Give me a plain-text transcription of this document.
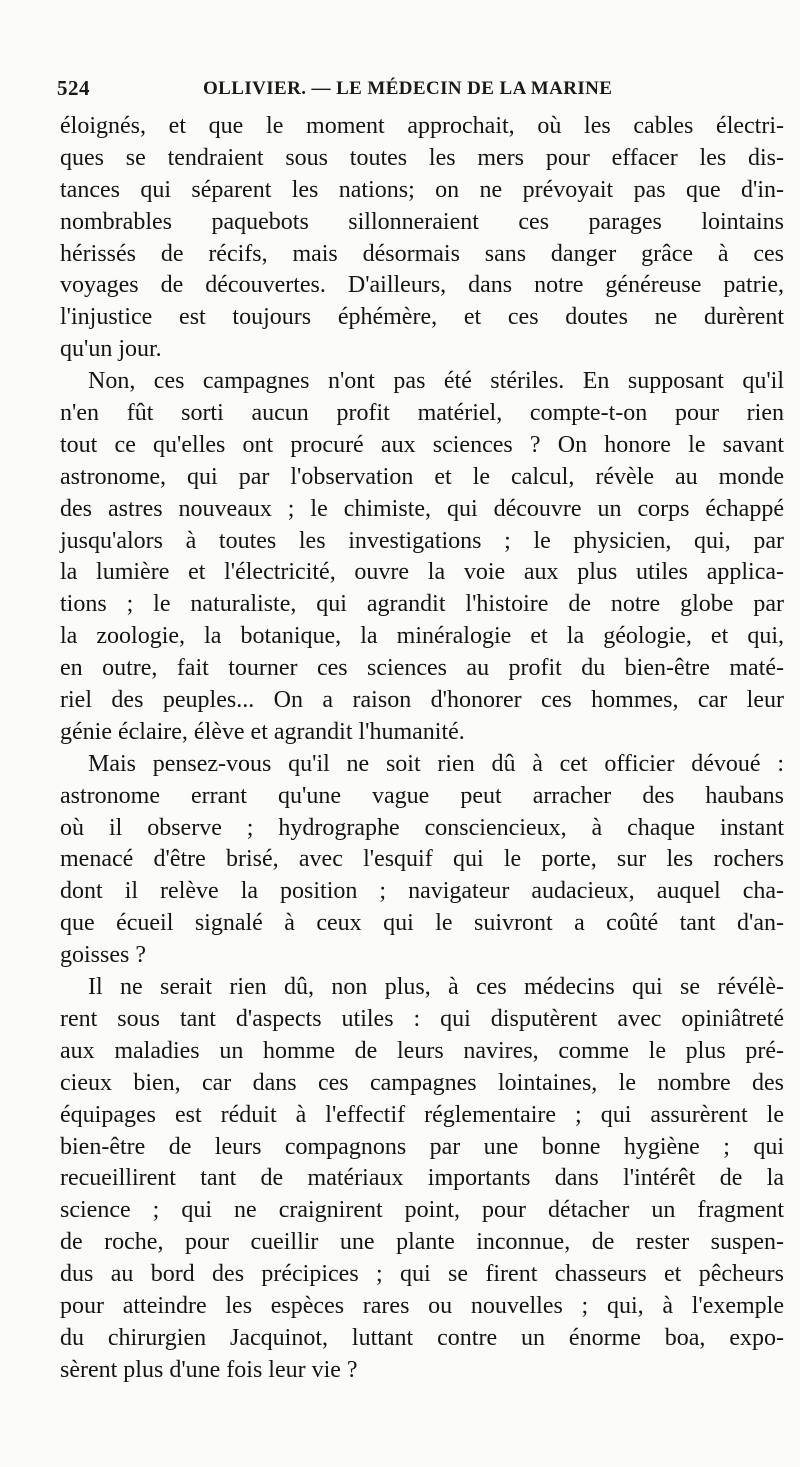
524	OLLIVIER. — LE MÉDECIN DE LA MARINE
éloignés, et que le moment approchait, où les cables électri-
ques se tendraient sous toutes les mers pour effacer les dis-
tances qui séparent les nations; on ne prévoyait pas que d'in-
nombrables paquebots sillonneraient ces parages lointains
hérissés de récifs, mais désormais sans danger grâce à ces
voyages de découvertes. D'ailleurs, dans notre généreuse patrie,
l'injustice est toujours éphémère, et ces doutes ne durèrent
qu'un jour.
Non, ces campagnes n'ont pas été stériles. En supposant qu'il
n'en fût sorti aucun profit matériel, compte-t-on pour rien
tout ce qu'elles ont procuré aux sciences ? On honore le savant
astronome, qui par l'observation et le calcul, révèle au monde
des astres nouveaux ; le chimiste, qui découvre un corps échappé
jusqu'alors à toutes les investigations ; le physicien, qui, par
la lumière et l'électricité, ouvre la voie aux plus utiles applica-
tions ; le naturaliste, qui agrandit l'histoire de notre globe par
la zoologie, la botanique, la minéralogie et la géologie, et qui,
en outre, fait tourner ces sciences au profit du bien-être maté-
riel des peuples... On a raison d'honorer ces hommes, car leur
génie éclaire, élève et agrandit l'humanité.
Mais pensez-vous qu'il ne soit rien dû à cet officier dévoué :
astronome errant qu'une vague peut arracher des haubans
où il observe ; hydrographe consciencieux, à chaque instant
menacé d'être brisé, avec l'esquif qui le porte, sur les rochers
dont il relève la position ; navigateur audacieux, auquel cha-
que écueil signalé à ceux qui le suivront a coûté tant d'an-
goisses ?
Il ne serait rien dû, non plus, à ces médecins qui se révélè-
rent sous tant d'aspects utiles : qui disputèrent avec opiniâtreté
aux maladies un homme de leurs navires, comme le plus pré-
cieux bien, car dans ces campagnes lointaines, le nombre des
équipages est réduit à l'effectif réglementaire ; qui assurèrent le
bien-être de leurs compagnons par une bonne hygiène ; qui
recueillirent tant de matériaux importants dans l'intérêt de la
science ; qui ne craignirent point, pour détacher un fragment
de roche, pour cueillir une plante inconnue, de rester suspen-
dus au bord des précipices ; qui se firent chasseurs et pêcheurs
pour atteindre les espèces rares ou nouvelles ; qui, à l'exemple
du chirurgien Jacquinot, luttant contre un énorme boa, expo-
sèrent plus d'une fois leur vie ?
